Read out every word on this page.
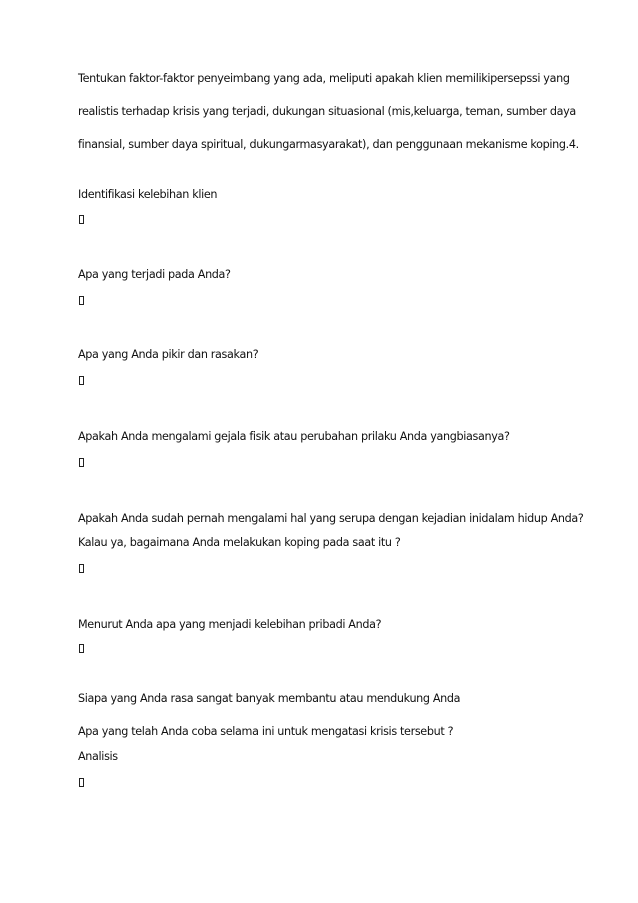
Tentukan faktor-faktor penyeimbang yang ada, meliputi apakah klien memilikipersepssi yang
realistis terhadap krisis yang terjadi, dukungan situasional (mis,keluarga, teman, sumber daya
finansial, sumber daya spiritual, dukungarmasyarakat), dan penggunaan mekanisme koping.4.
Identifikasi kelebihan klien
Apa yang terjadi pada Anda?
Apa yang Anda pikir dan rasakan?
Apakah Anda mengalami gejala fisik atau perubahan prilaku Anda yangbiasanya?
Apakah Anda sudah pernah mengalami hal yang serupa dengan kejadian inidalam hidup Anda?
Kalau ya, bagaimana Anda melakukan koping pada saat itu ?
Menurut Anda apa yang menjadi kelebihan pribadi Anda?
Siapa yang Anda rasa sangat banyak membantu atau mendukung Anda
Apa yang telah Anda coba selama ini untuk mengatasi krisis tersebut ?
Analisis
